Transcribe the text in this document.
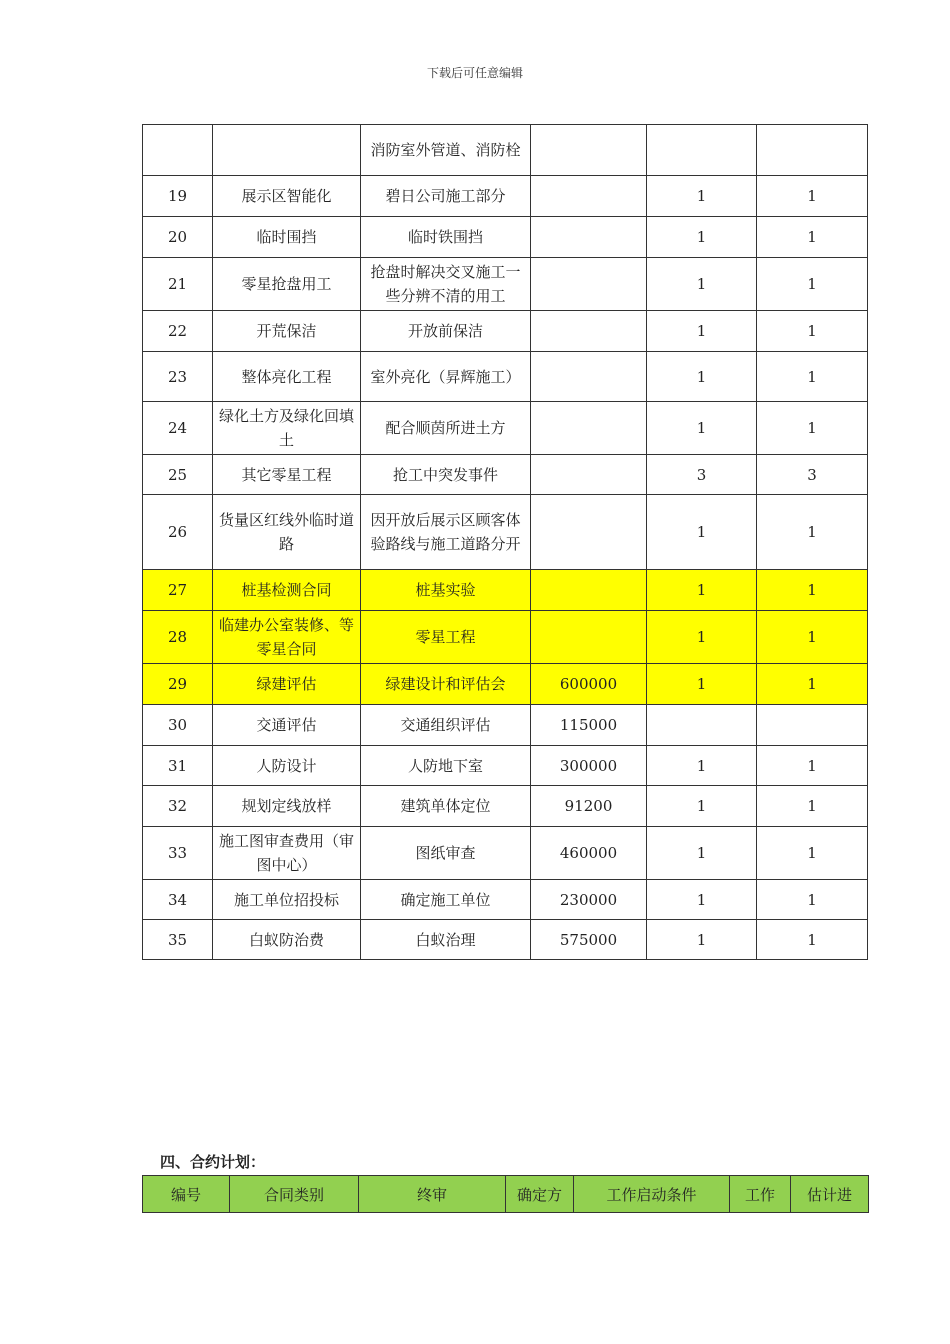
下载后可任意编辑
		消防室外管道、消防栓			
19	展示区智能化	碧日公司施工部分		1	1
20	临时围挡	临时铁围挡		1	1
21	零星抢盘用工	抢盘时解决交叉施工一些分辨不清的用工		1	1
22	开荒保洁	开放前保洁		1	1
23	整体亮化工程	室外亮化（昇辉施工）		1	1
24	绿化土方及绿化回填土	配合顺茵所进土方		1	1
25	其它零星工程	抢工中突发事件		3	3
26	货量区红线外临时道路	因开放后展示区顾客体验路线与施工道路分开		1	1
27	桩基检测合同	桩基实验		1	1
28	临建办公室装修、等零星合同	零星工程		1	1
29	绿建评估	绿建设计和评估会	600000	1	1
30	交通评估	交通组织评估	115000		
31	人防设计	人防地下室	300000	1	1
32	规划定线放样	建筑单体定位	91200	1	1
33	施工图审查费用（审图中心）	图纸审查	460000	1	1
34	施工单位招投标	确定施工单位	230000	1	1
35	白蚁防治费	白蚁治理	575000	1	1
四、合约计划：
编号	合同类别	终审	确定方	工作启动条件	工作	估计进
